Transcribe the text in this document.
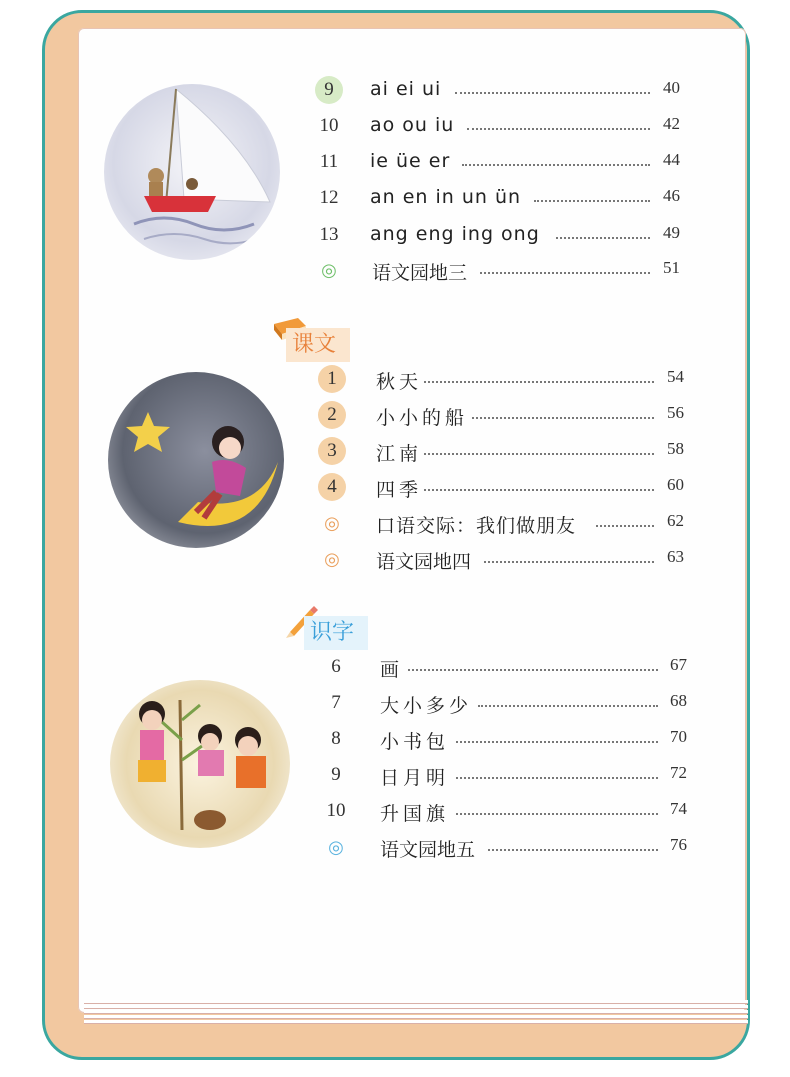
9	ai ei ui	40
10 ao ou iu	42
11 ie üe er	44
12 an en in un ün	46
13 ang eng ing ong	49
◎	语文园地三	51
课文
1	秋天	54
2	小小的船	56
3	江南	58
4	四季	60
◎	口语交际：我们做朋友	62
◎	语文园地四	63
识字
6	画	67
7	大小多少	68
8	小书包	70
9	日月明	72
10 升国旗	74
◎	语文园地五	76
